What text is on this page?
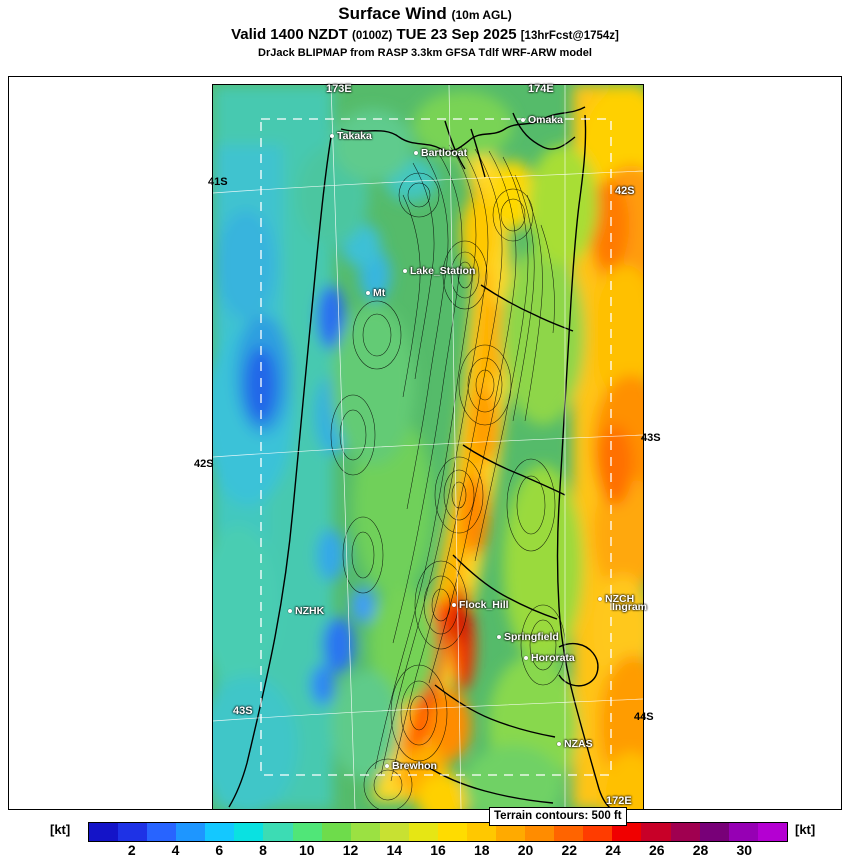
Surface Wind (10m AGL)
Valid 1400 NZDT (0100Z) TUE 23 Sep 2025 [13hrFcst@1754z]
DrJack BLIPMAP from RASP 3.3km GFSA Tdlf WRF-ARW model
Takaka
Omaka
Bartlooat
Lake_Station
Mt
NZHK	Flock_Hill	NZCH
Ingram
Springfield
Hororata
NZAS
Brewhon
173E	174E
41S
42S
42S
43S
43S	44S
172E
Terrain contours: 500 ft
[kt]
2	4	6	8 10 12 14 16 18 20 22 24 26 28 30
[kt]
